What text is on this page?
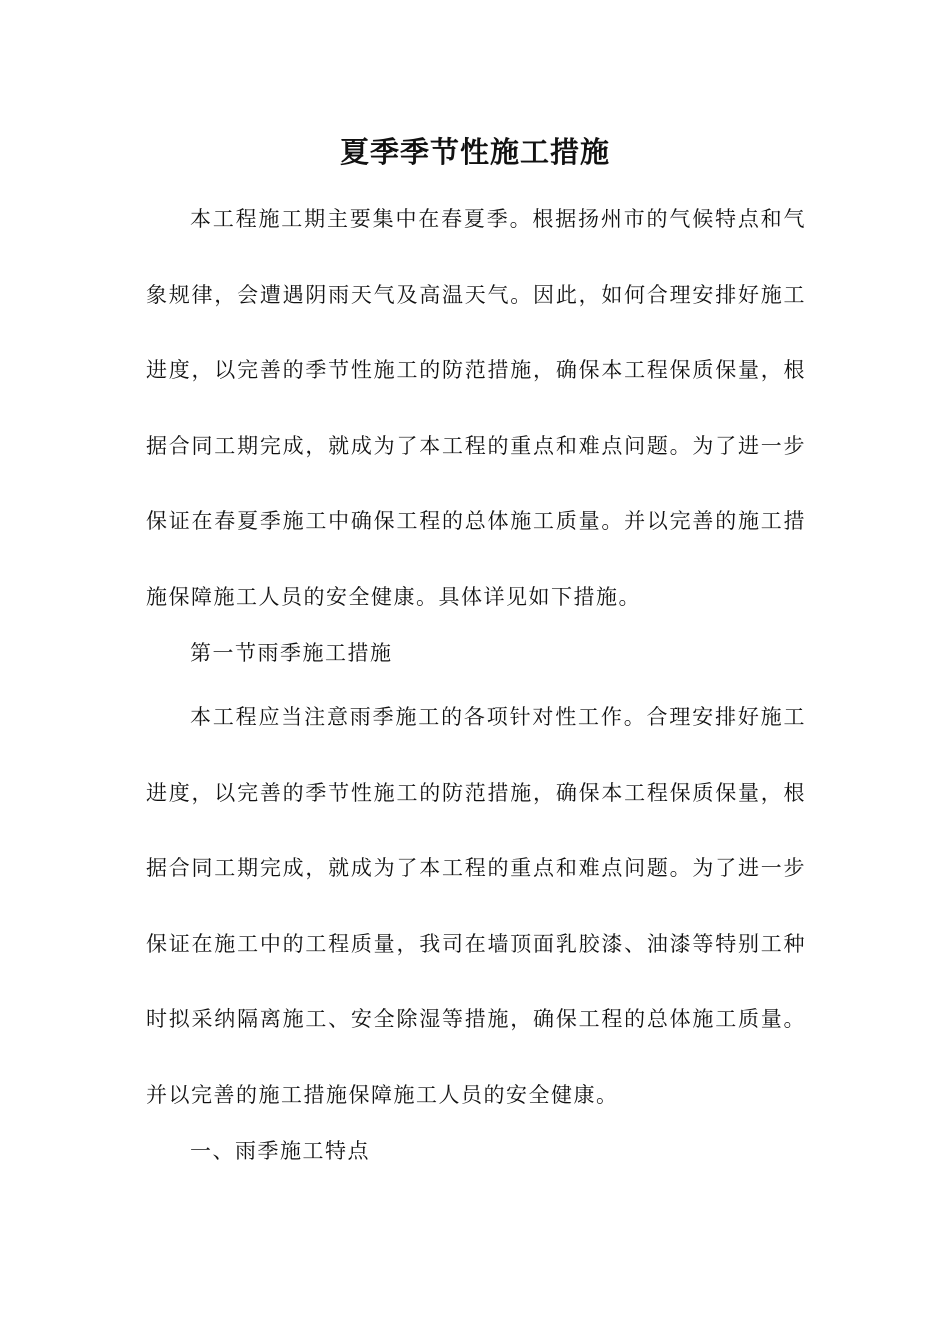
夏季季节性施工措施

本工程施工期主要集中在春夏季。根据扬州市的气候特点和气象规律，会遭遇阴雨天气及高温天气。因此，如何合理安排好施工进度，以完善的季节性施工的防范措施，确保本工程保质保量，根据合同工期完成，就成为了本工程的重点和难点问题。为了进一步保证在春夏季施工中确保工程的总体施工质量。并以完善的施工措施保障施工人员的安全健康。具体详见如下措施。

第一节雨季施工措施

本工程应当注意雨季施工的各项针对性工作。合理安排好施工进度，以完善的季节性施工的防范措施，确保本工程保质保量，根据合同工期完成，就成为了本工程的重点和难点问题。为了进一步保证在施工中的工程质量，我司在墙顶面乳胶漆、油漆等特别工种时拟采纳隔离施工、安全除湿等措施，确保工程的总体施工质量。并以完善的施工措施保障施工人员的安全健康。

一、雨季施工特点
